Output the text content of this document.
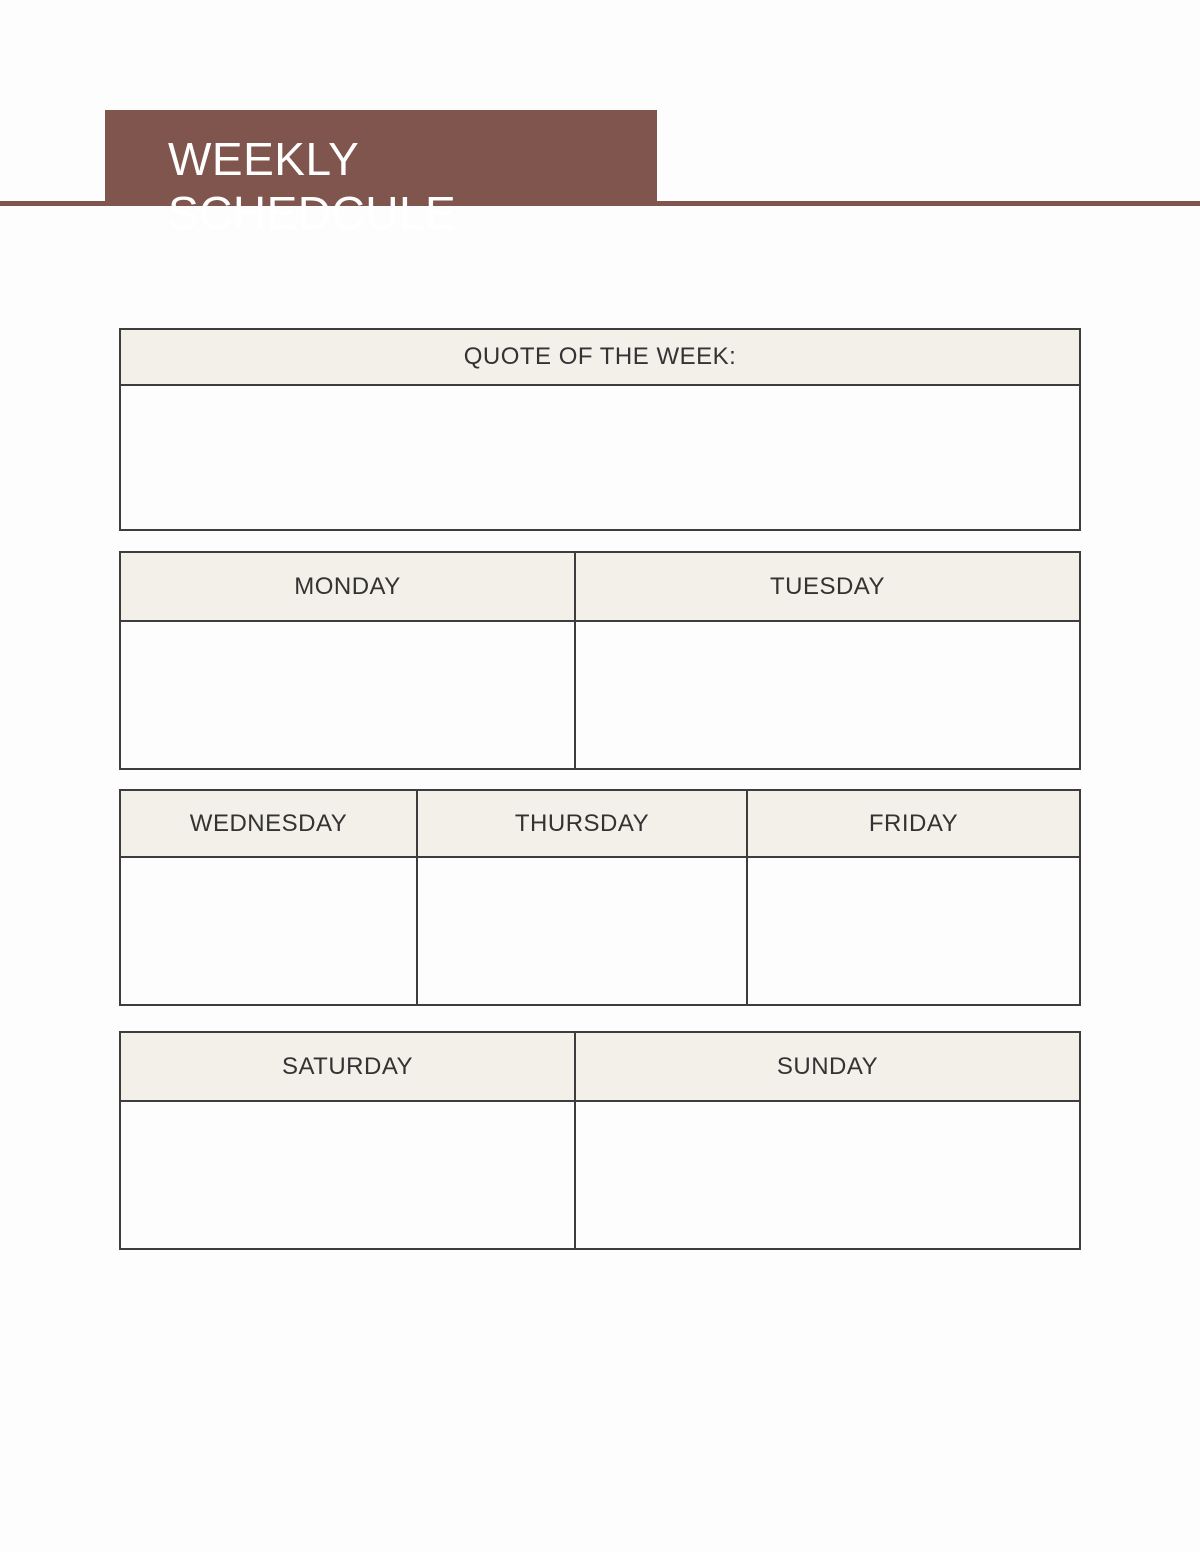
WEEKLY SCHEDCULE
QUOTE OF THE WEEK:
MONDAY	TUESDAY
WEDNESDAY	THURSDAY	FRIDAY
SATURDAY	SUNDAY
